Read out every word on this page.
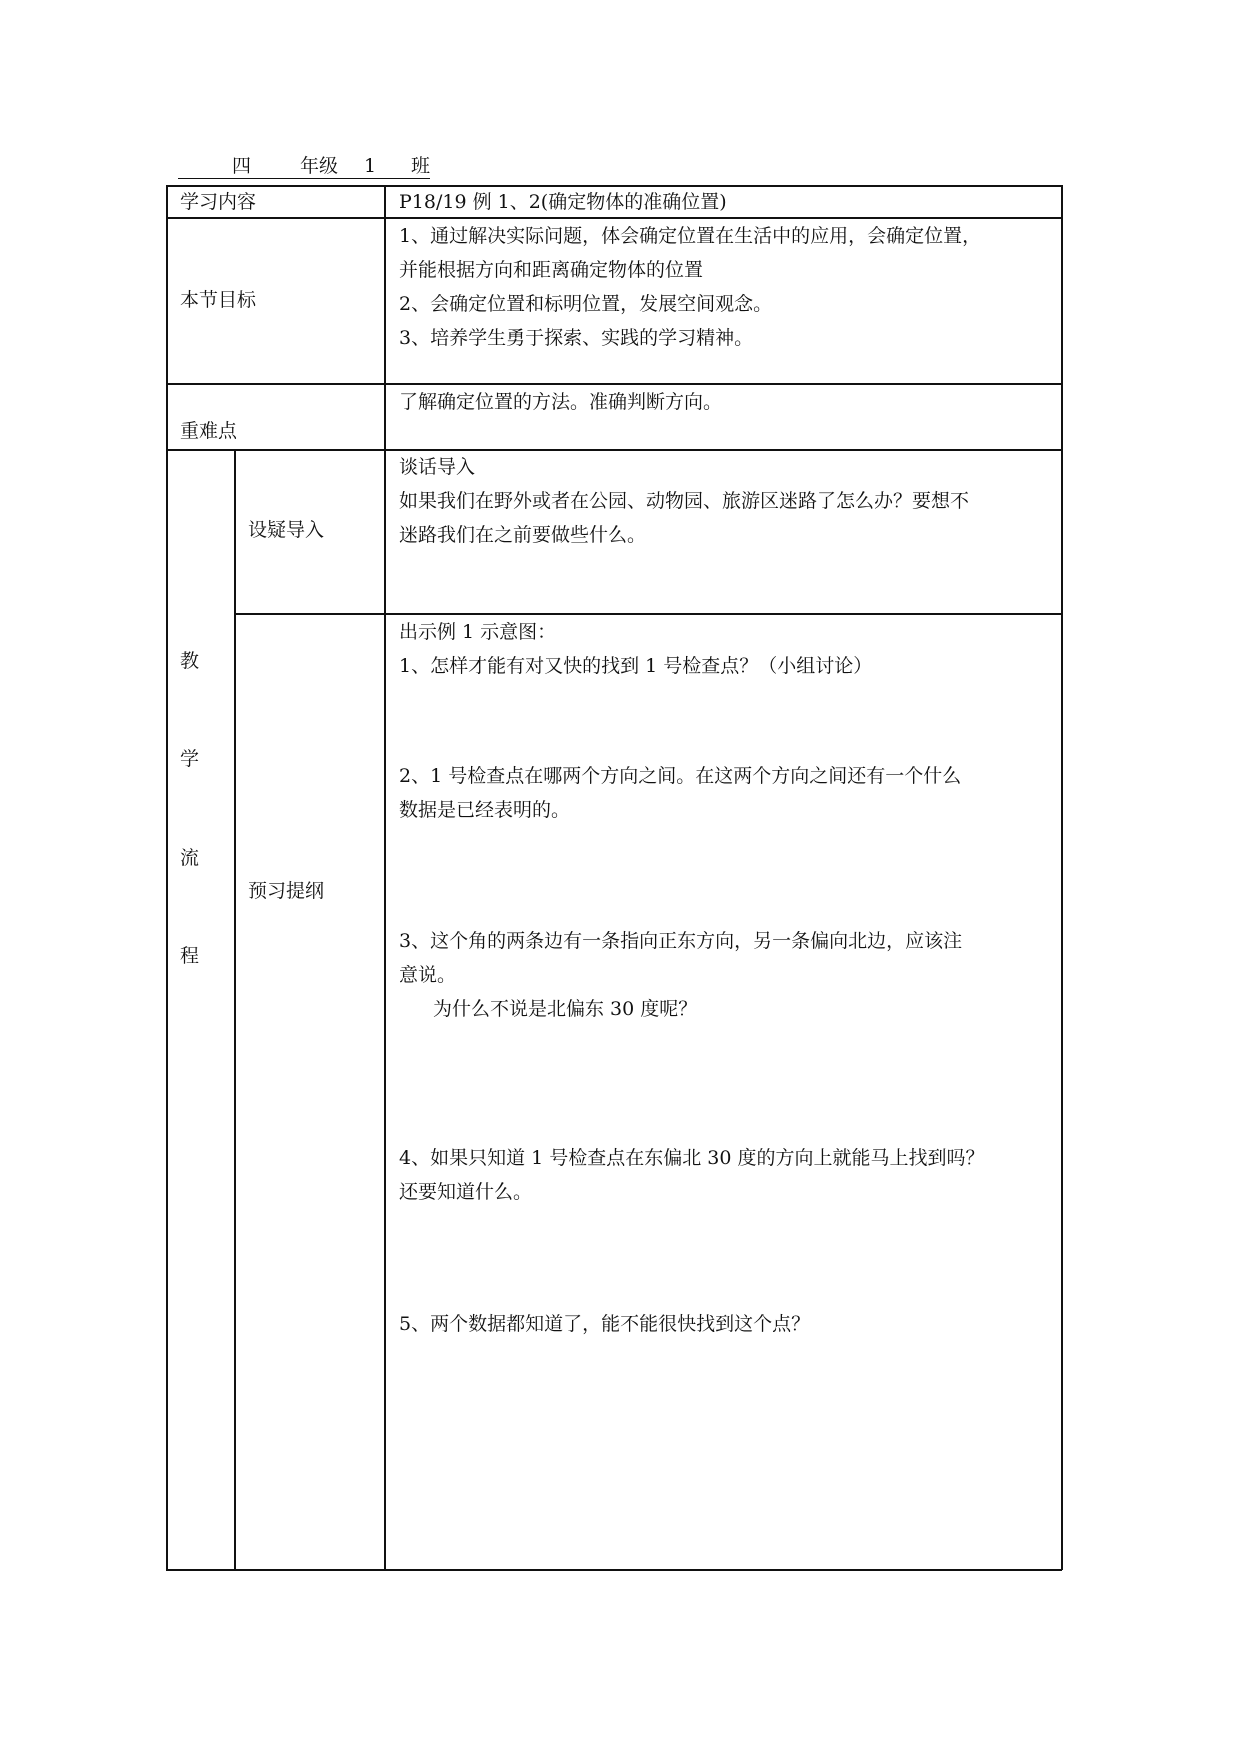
四	年级 1 班
学习内容	P18/19 例 1、2(确定物体的准确位置)
本节目标

1、通过解决实际问题，体会确定位置在生活中的应用，会确定位置，

并能根据方向和距离确定物体的位置

2、会确定位置和标明位置，发展空间观念。

3、培养学生勇于探索、实践的学习精神。

重难点
了解确定位置的方法。准确判断方向。
教
学
流
程
设疑导入

谈话导入

如果我们在野外或者在公园、动物园、旅游区迷路了怎么办？要想不

迷路我们在之前要做些什么。

预习提纲

出示例 1 示意图：

1、怎样才能有对又快的找到 1 号检查点？（小组讨论）

2、1 号检查点在哪两个方向之间。在这两个方向之间还有一个什么

数据是已经表明的。

3、这个角的两条边有一条指向正东方向，另一条偏向北边，应该注

意说。

为什么不说是北偏东 30 度呢？

4、如果只知道 1 号检查点在东偏北 30 度的方向上就能马上找到吗？

还要知道什么。

5、两个数据都知道了，能不能很快找到这个点？
